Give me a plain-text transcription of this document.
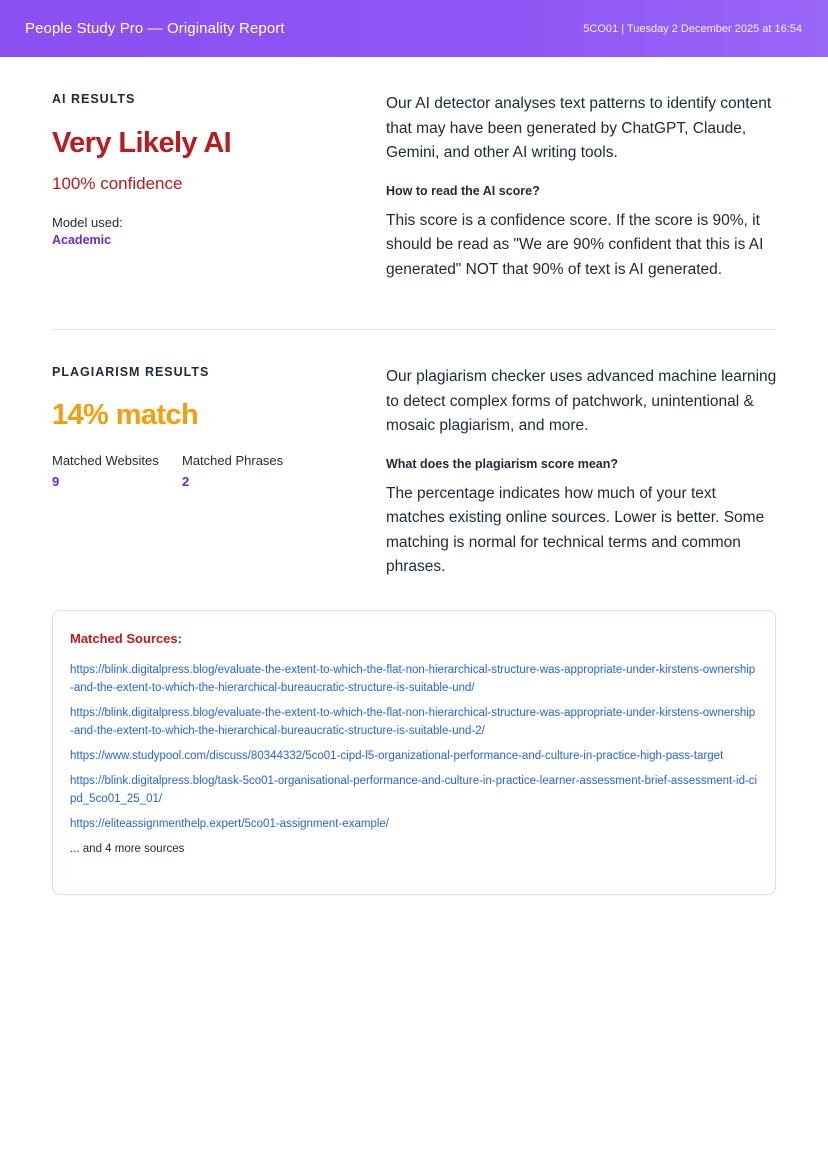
People Study Pro — Originality Report	5CO01 | Tuesday 2 December 2025 at 16:54
AI RESULTS
Very Likely AI
100% confidence
Model used:
Academic
Our AI detector analyses text patterns to identify content that may have been generated by ChatGPT, Claude, Gemini, and other AI writing tools.
How to read the AI score?
This score is a confidence score. If the score is 90%, it should be read as "We are 90% confident that this is AI generated" NOT that 90% of text is AI generated.
PLAGIARISM RESULTS
14% match
Matched Websites
9
Matched Phrases
2
Our plagiarism checker uses advanced machine learning to detect complex forms of patchwork, unintentional & mosaic plagiarism, and more.
What does the plagiarism score mean?
The percentage indicates how much of your text matches existing online sources. Lower is better. Some matching is normal for technical terms and common phrases.
Matched Sources:
https://blink.digitalpress.blog/evaluate-the-extent-to-which-the-flat-non-hierarchical-structure-was-appropriate-under-kirstens-ownership-and-the-extent-to-which-the-hierarchical-bureaucratic-structure-is-suitable-und/
https://blink.digitalpress.blog/evaluate-the-extent-to-which-the-flat-non-hierarchical-structure-was-appropriate-under-kirstens-ownership-and-the-extent-to-which-the-hierarchical-bureaucratic-structure-is-suitable-und-2/
https://www.studypool.com/discuss/80344332/5co01-cipd-l5-organizational-performance-and-culture-in-practice-high-pass-target
https://blink.digitalpress.blog/task-5co01-organisational-performance-and-culture-in-practice-learner-assessment-brief-assessment-id-cipd_5co01_25_01/
https://eliteassignmenthelp.expert/5co01-assignment-example/
... and 4 more sources
